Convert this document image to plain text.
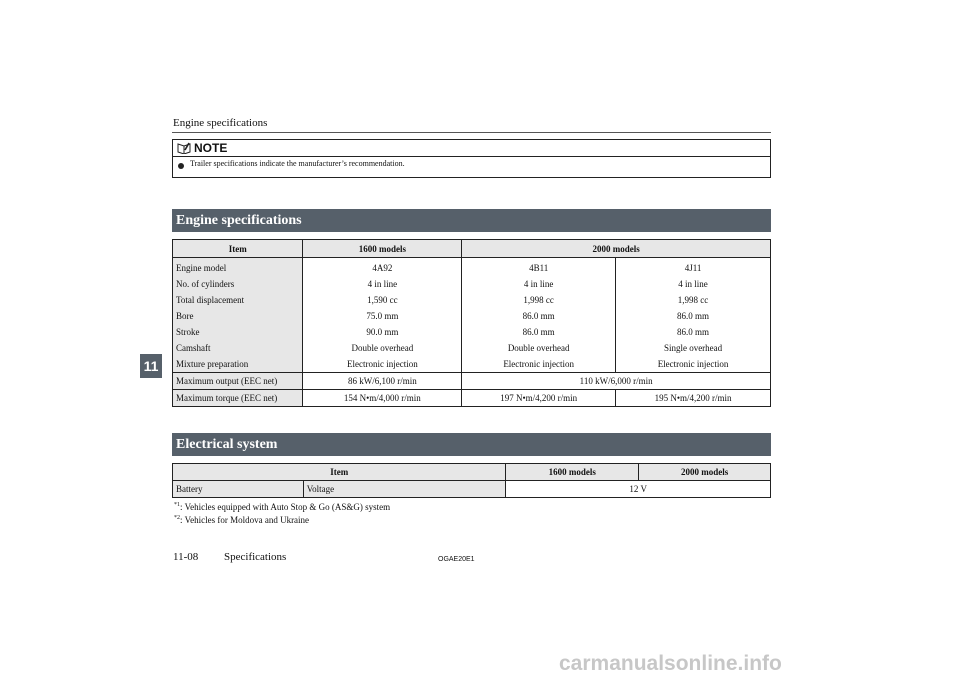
Engine specifications
NOTE
Trailer specifications indicate the manufacturer’s recommendation.
Engine specifications
Item	1600 models	2000 models	
Engine model	4A92	4B11	4J11
No. of cylinders	4 in line	4 in line	4 in line
Total displacement	1,590 cc	1,998 cc	1,998 cc
Bore	75.0 mm	86.0 mm	86.0 mm
Stroke	90.0 mm	86.0 mm	86.0 mm
Camshaft	Double overhead	Double overhead	Single overhead
Mixture preparation	Electronic injection	Electronic injection	Electronic injection
Maximum output (EEC net)	86 kW/6,100 r/min	110 kW/6,000 r/min	
Maximum torque (EEC net)	154 N•m/4,000 r/min	197 N•m/4,200 r/min	195 N•m/4,200 r/min
Electrical system
Item		1600 models	2000 models
Battery	Voltage	12 V	
$^{*1}$: Vehicles equipped with Auto Stop & Go (AS&G) system
$^{*2}$: Vehicles for Moldova and Ukraine
11-08 Specifications	OGAE20E1
11
carmanualsonline.info
